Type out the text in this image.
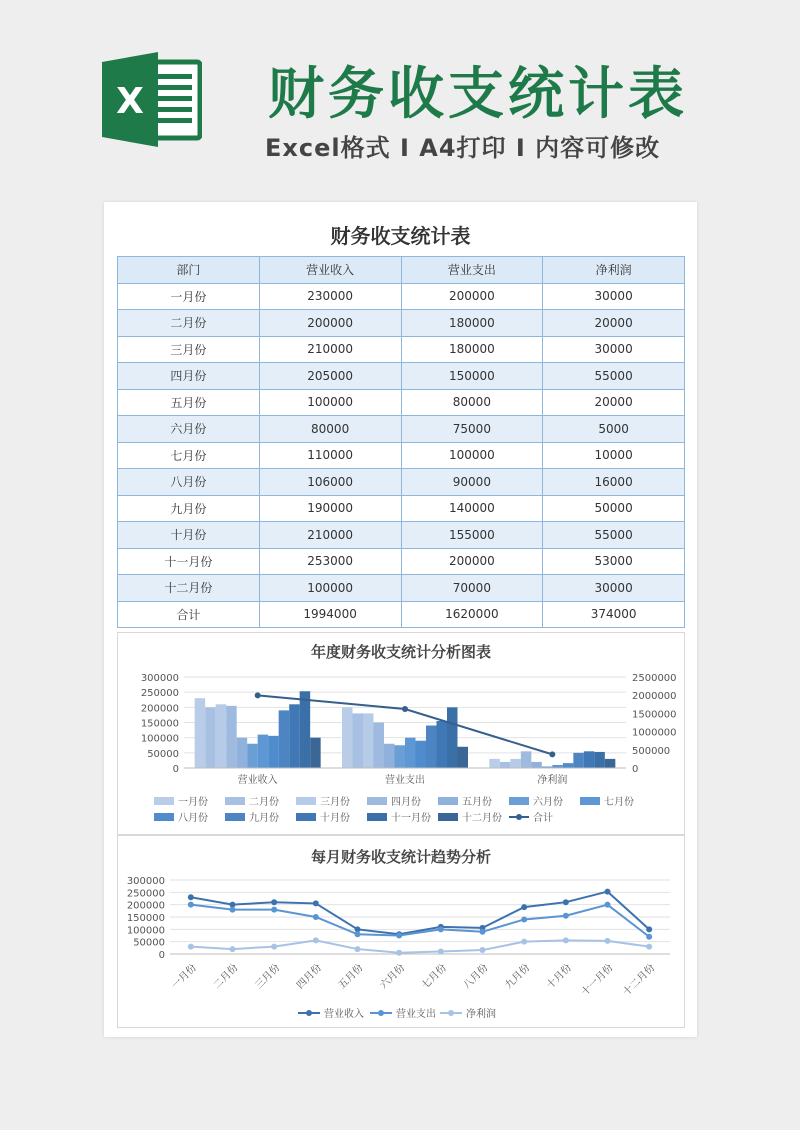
X 财务收支统计表
Excel格式 I A4打印 I 内容可修改
财务收支统计表
部门	营业收入	营业支出	净利润
一月份	230000	200000	30000
二月份	200000	180000	20000
三月份	210000	180000	30000
四月份	205000	150000	55000
五月份	100000	80000	20000
六月份	80000	75000	5000
七月份	110000	100000	10000
八月份	106000	90000	16000
九月份	190000	140000	50000
十月份	210000	155000	55000
十一月份	253000	200000	53000
十二月份	100000	70000	30000
合计	1994000	1620000	374000
年度财务收支统计分析图表
0
50000
100000
150000
200000
250000
300000
0
500000
1000000
1500000
2000000
2500000
营业收入	营业支出	净利润
一月份	二月份	三月份	四月份	五月份	六月份	七月份
八月份	九月份	十月份	十一月份	十二月份	合计
每月财务收支统计趋势分析
0
50000
100000
150000
200000
250000
300000
一月份 二月份 三月份 四月份 五月份 六月份 七月份 八月份 九月份 十月份 十一月份 十二月份
营业收入	营业支出	净利润
